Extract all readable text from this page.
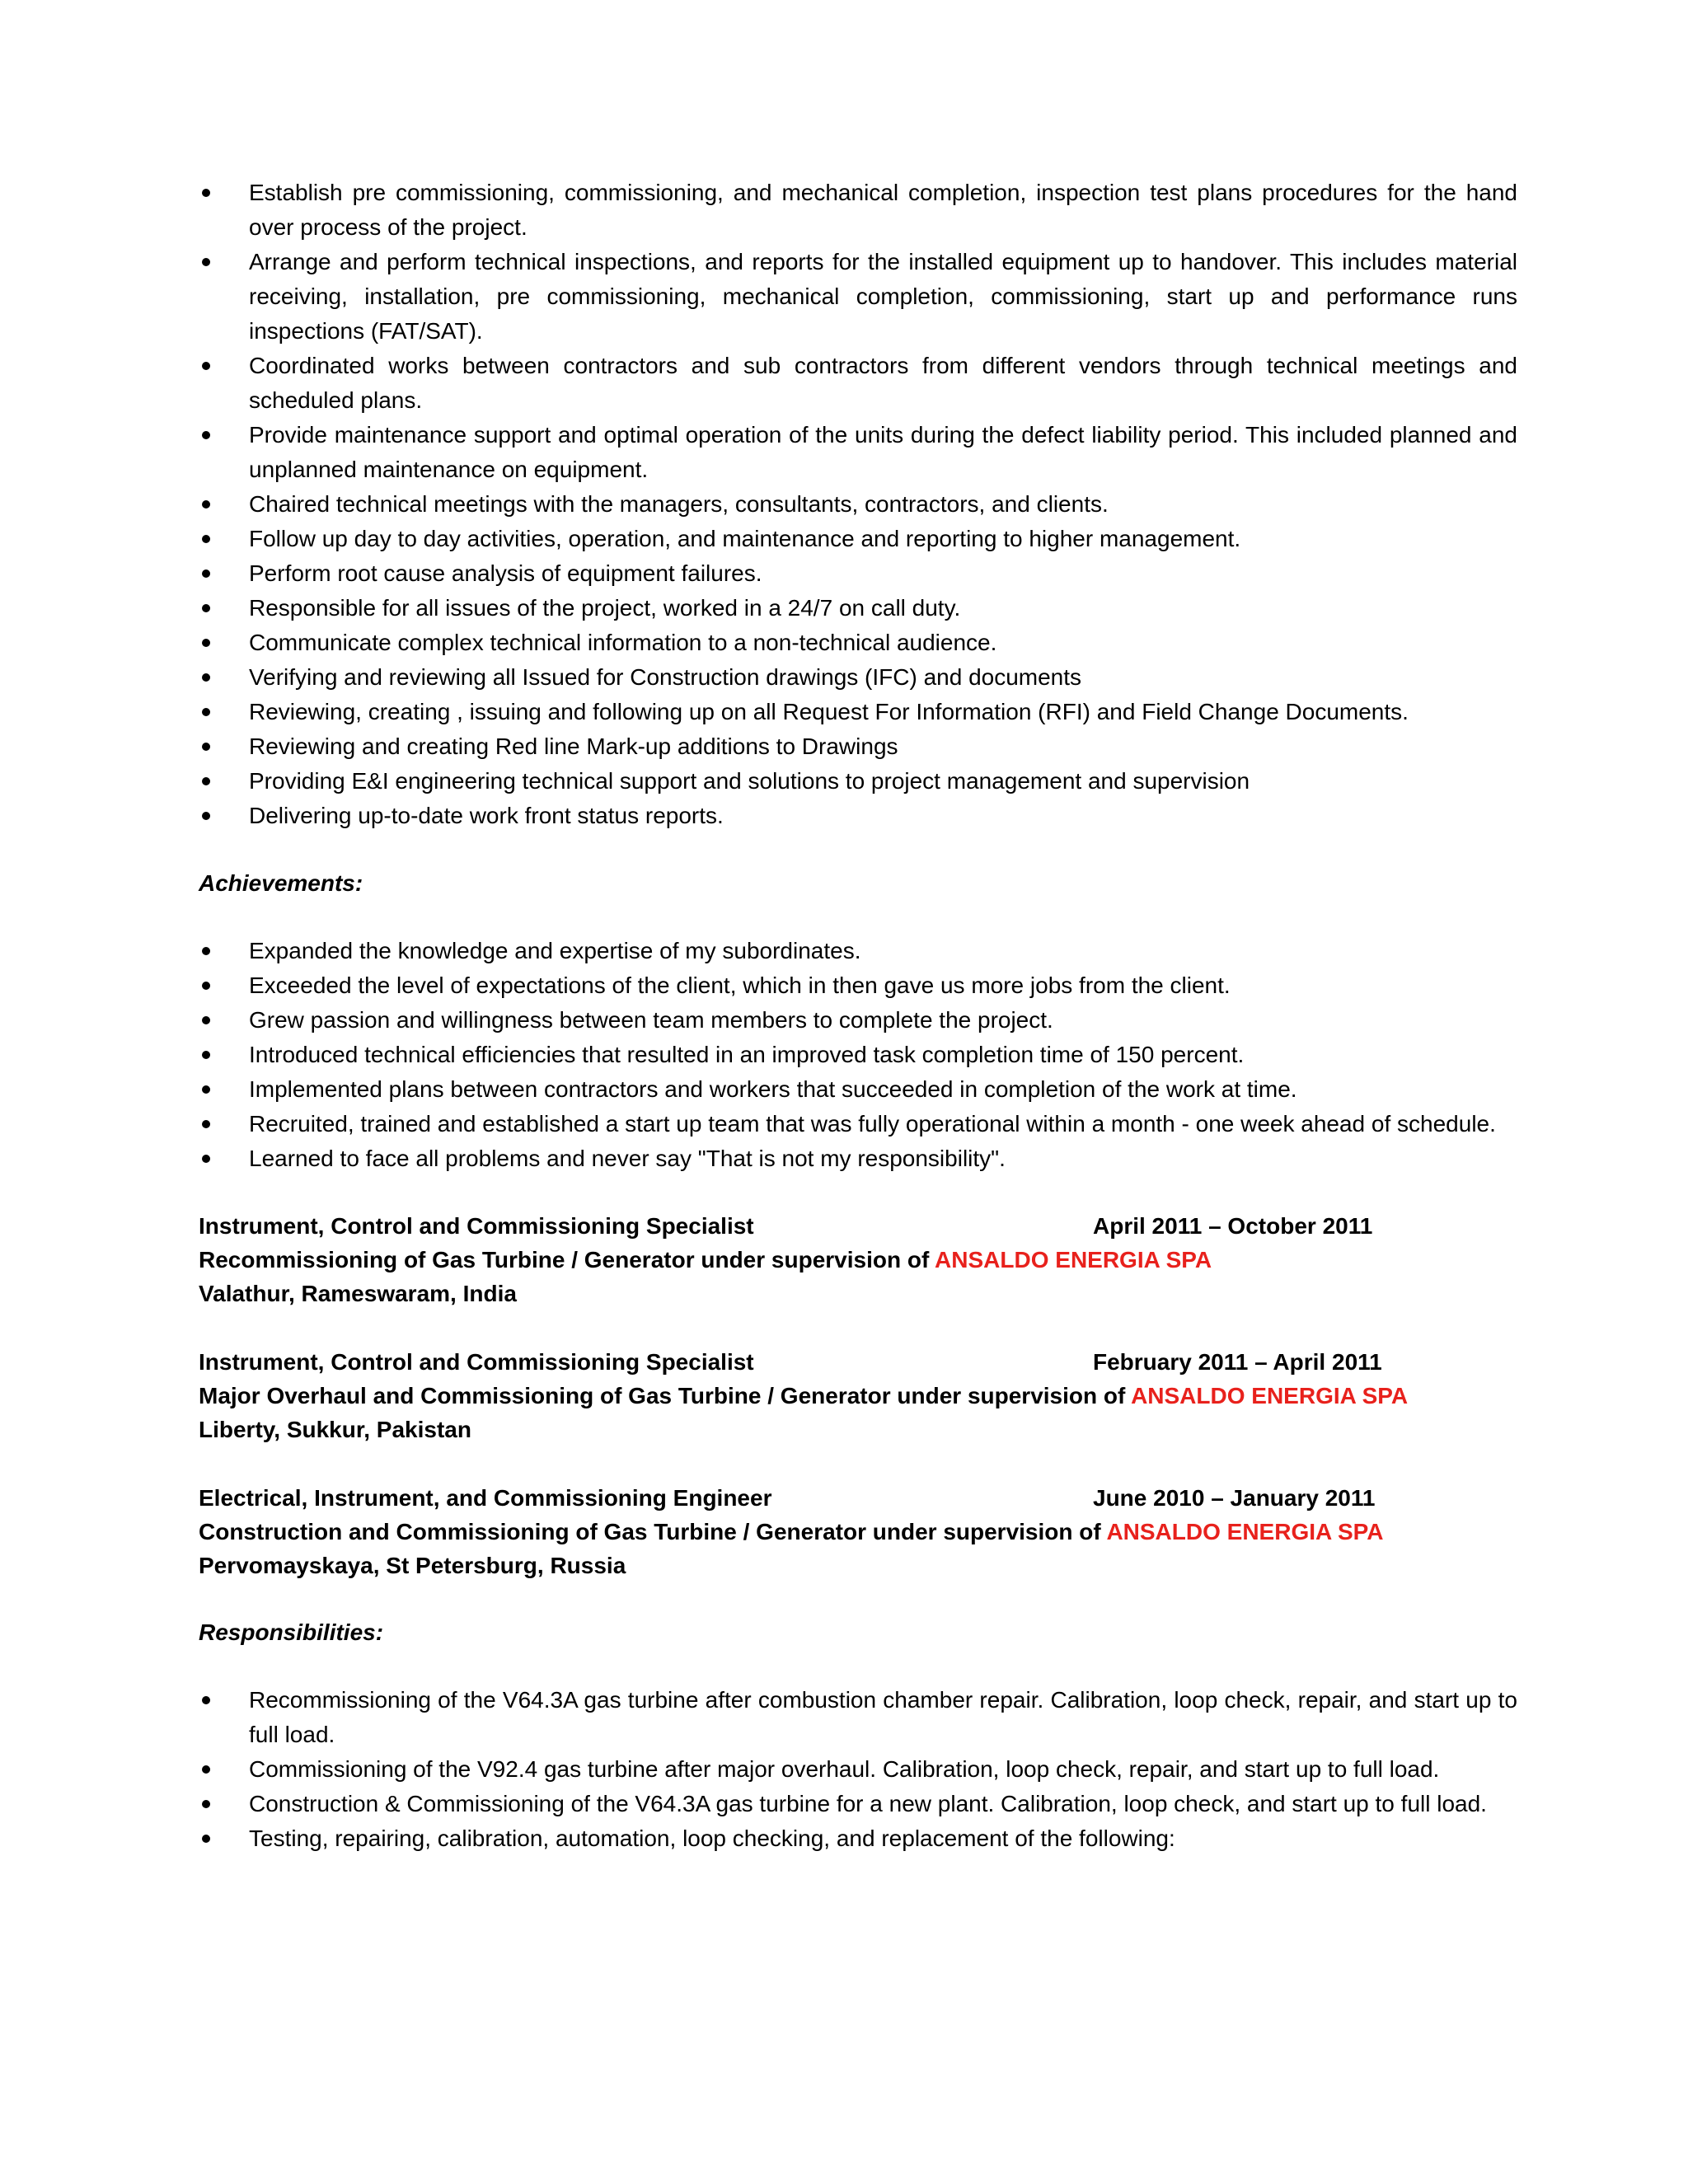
Establish pre commissioning, commissioning, and mechanical completion, inspection test plans procedures for the hand over process of the project.
Arrange and perform technical inspections, and reports for the installed equipment up to handover. This includes material receiving, installation, pre commissioning, mechanical completion, commissioning, start up and performance runs inspections (FAT/SAT).
Coordinated works between contractors and sub contractors from different vendors through technical meetings and scheduled plans.
Provide maintenance support and optimal operation of the units during the defect liability period. This included planned and unplanned maintenance on equipment.
Chaired technical meetings with the managers, consultants, contractors, and clients.
Follow up day to day activities, operation, and maintenance and reporting to higher management.
Perform root cause analysis of equipment failures.
Responsible for all issues of the project, worked in a 24/7 on call duty.
Communicate complex technical information to a non-technical audience.
Verifying and reviewing all Issued for Construction drawings (IFC) and documents
Reviewing, creating , issuing and following up on all Request For Information (RFI) and Field Change Documents.
Reviewing and creating Red line Mark-up additions to Drawings
Providing E&I engineering technical support and solutions to project management and supervision
Delivering up-to-date work front status reports.
Achievements:
Expanded the knowledge and expertise of my subordinates.
Exceeded the level of expectations of the client, which in then gave us more jobs from the client.
Grew passion and willingness between team members to complete the project.
Introduced technical efficiencies that resulted in an improved task completion time of 150 percent.
Implemented plans between contractors and workers that succeeded in completion of the work at time.
Recruited, trained and established a start up team that was fully operational within a month - one week ahead of schedule.
Learned to face all problems and never say "That is not my responsibility".
Instrument, Control and Commissioning Specialist	April 2011 – October 2011
Recommissioning of Gas Turbine / Generator under supervision of ANSALDO ENERGIA SPA
Valathur, Rameswaram, India
Instrument, Control and Commissioning Specialist	February 2011 – April 2011
Major Overhaul and Commissioning of Gas Turbine / Generator under supervision of ANSALDO ENERGIA SPA
Liberty, Sukkur, Pakistan
Electrical, Instrument, and Commissioning Engineer	June 2010 – January 2011
Construction and Commissioning of Gas Turbine / Generator under supervision of ANSALDO ENERGIA SPA
Pervomayskaya, St Petersburg, Russia
Responsibilities:
Recommissioning of the V64.3A gas turbine after combustion chamber repair. Calibration, loop check, repair, and start up to full load.
Commissioning of the V92.4 gas turbine after major overhaul. Calibration, loop check, repair, and start up to full load.
Construction & Commissioning of the V64.3A gas turbine for a new plant. Calibration, loop check, and start up to full load.
Testing, repairing, calibration, automation, loop checking, and replacement of the following:
